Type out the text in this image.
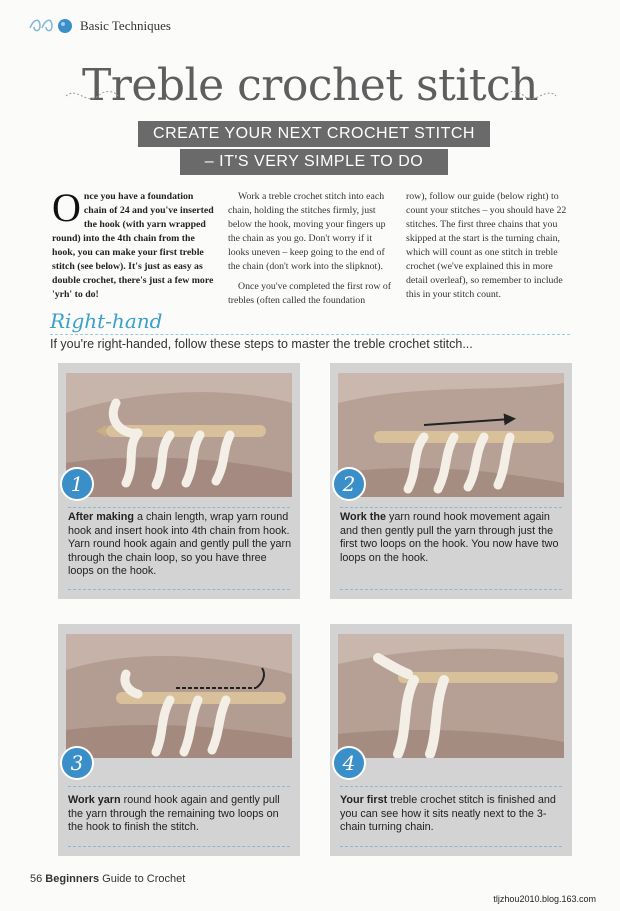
Basic Techniques
Treble crochet stitch
CREATE YOUR NEXT CROCHET STITCH
– IT'S VERY SIMPLE TO DO
O nce you have a foundation chain of 24 and you've inserted the hook (with yarn wrapped round) into the 4th chain from the hook, you can make your first treble stitch (see below). It's just as easy as double crochet, there's just a few more 'yrh' to do!

Work a treble crochet stitch into each chain, holding the stitches firmly, just below the hook, moving your fingers up the chain as you go. Don't worry if it looks uneven – keep going to the end of the chain (don't work into the slipknot).

Once you've completed the first row of trebles (often called the foundation

row), follow our guide (below right) to count your stitches – you should have 22 stitches. The first three chains that you skipped at the start is the turning chain, which will count as one stitch in treble crochet (we've explained this in more detail overleaf), so remember to include this in your stitch count.

Right-hand
If you're right-handed, follow these steps to master the treble crochet stitch...
1
After making a chain length, wrap yarn round hook and insert hook into 4th chain from hook. Yarn round hook again and gently pull the yarn through the chain loop, so you have three loops on the hook.
2
Work the yarn round hook movement again and then gently pull the yarn through just the first two loops on the hook. You now have two loops on the hook.
3
Work yarn round hook again and gently pull the yarn through the remaining two loops on the hook to finish the stitch.
4
Your first treble crochet stitch is finished and you can see how it sits neatly next to the 3-chain turning chain.
56 Beginners Guide to Crochet
tljzhou2010.blog.163.com
